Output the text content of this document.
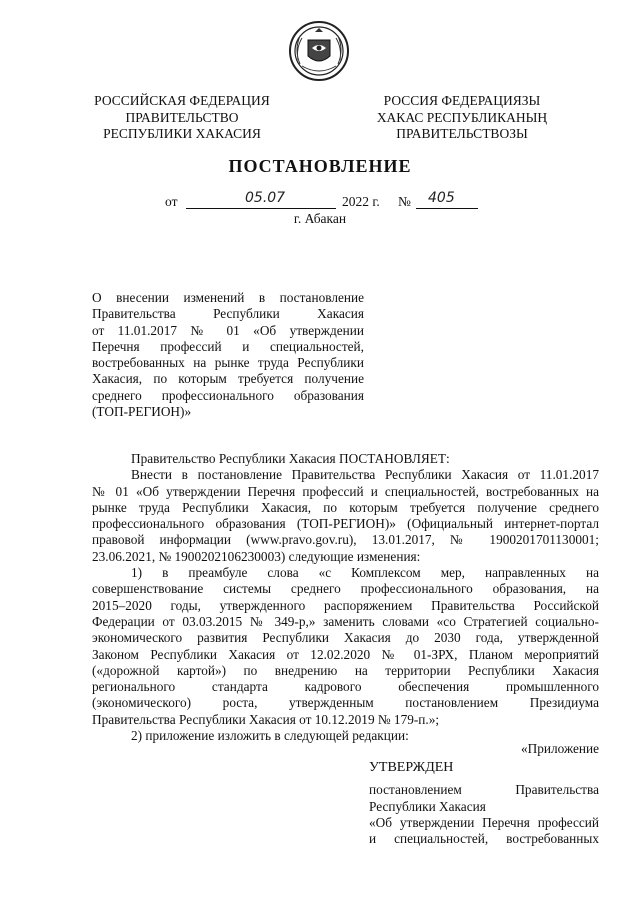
РОССИЙСКАЯ ФЕДЕРАЦИЯ
ПРАВИТЕЛЬСТВО
РЕСПУБЛИКИ ХАКАСИЯ
РОССИЯ ФЕДЕРАЦИЯЗЫ
ХАКАС РЕСПУБЛИКАНЫҢ
ПРАВИТЕЛЬСТВОЗЫ
ПОСТАНОВЛЕНИЕ
от	05.07	2022 г. № 405
г. Абакан

О внесении изменений в постановление

Правительства Республики Хакасия

от 11.01.2017 № 01 «Об утверждении

Перечня профессий и специальностей,

востребованных на рынке труда Республики

Хакасия, по которым требуется получение

среднего профессионального образования

(ТОП-РЕГИОН)»

Правительство Республики Хакасия ПОСТАНОВЛЯЕТ:

Внести в постановление Правительства Республики Хакасия от 11.01.2017

№ 01 «Об утверждении Перечня профессий и специальностей, востребованных на

рынке труда Республики Хакасия, по которым требуется получение среднего

профессионального образования (ТОП-РЕГИОН)» (Официальный интернет-портал

правовой информации (www.pravo.gov.ru), 13.01.2017, № 1900201701130001;

23.06.2021, № 1900202106230003) следующие изменения:

1) в преамбуле слова «с Комплексом мер, направленных на

совершенствование системы среднего профессионального образования, на

2015–2020 годы, утвержденного распоряжением Правительства Российской

Федерации от 03.03.2015 № 349-р,» заменить словами «со Стратегией социально-

экономического развития Республики Хакасия до 2030 года, утвержденной

Законом Республики Хакасия от 12.02.2020 № 01-ЗРХ, Планом мероприятий

(«дорожной картой») по внедрению на территории Республики Хакасия

регионального стандарта кадрового обеспечения промышленного

(экономического) роста, утвержденным постановлением Президиума

Правительства Республики Хакасия от 10.12.2019 № 179-п.»;

2) приложение изложить в следующей редакции:

«Приложение

УТВЕРЖДЕН

постановлением Правительства

Республики Хакасия

«Об утверждении Перечня профессий

и специальностей, востребованных
